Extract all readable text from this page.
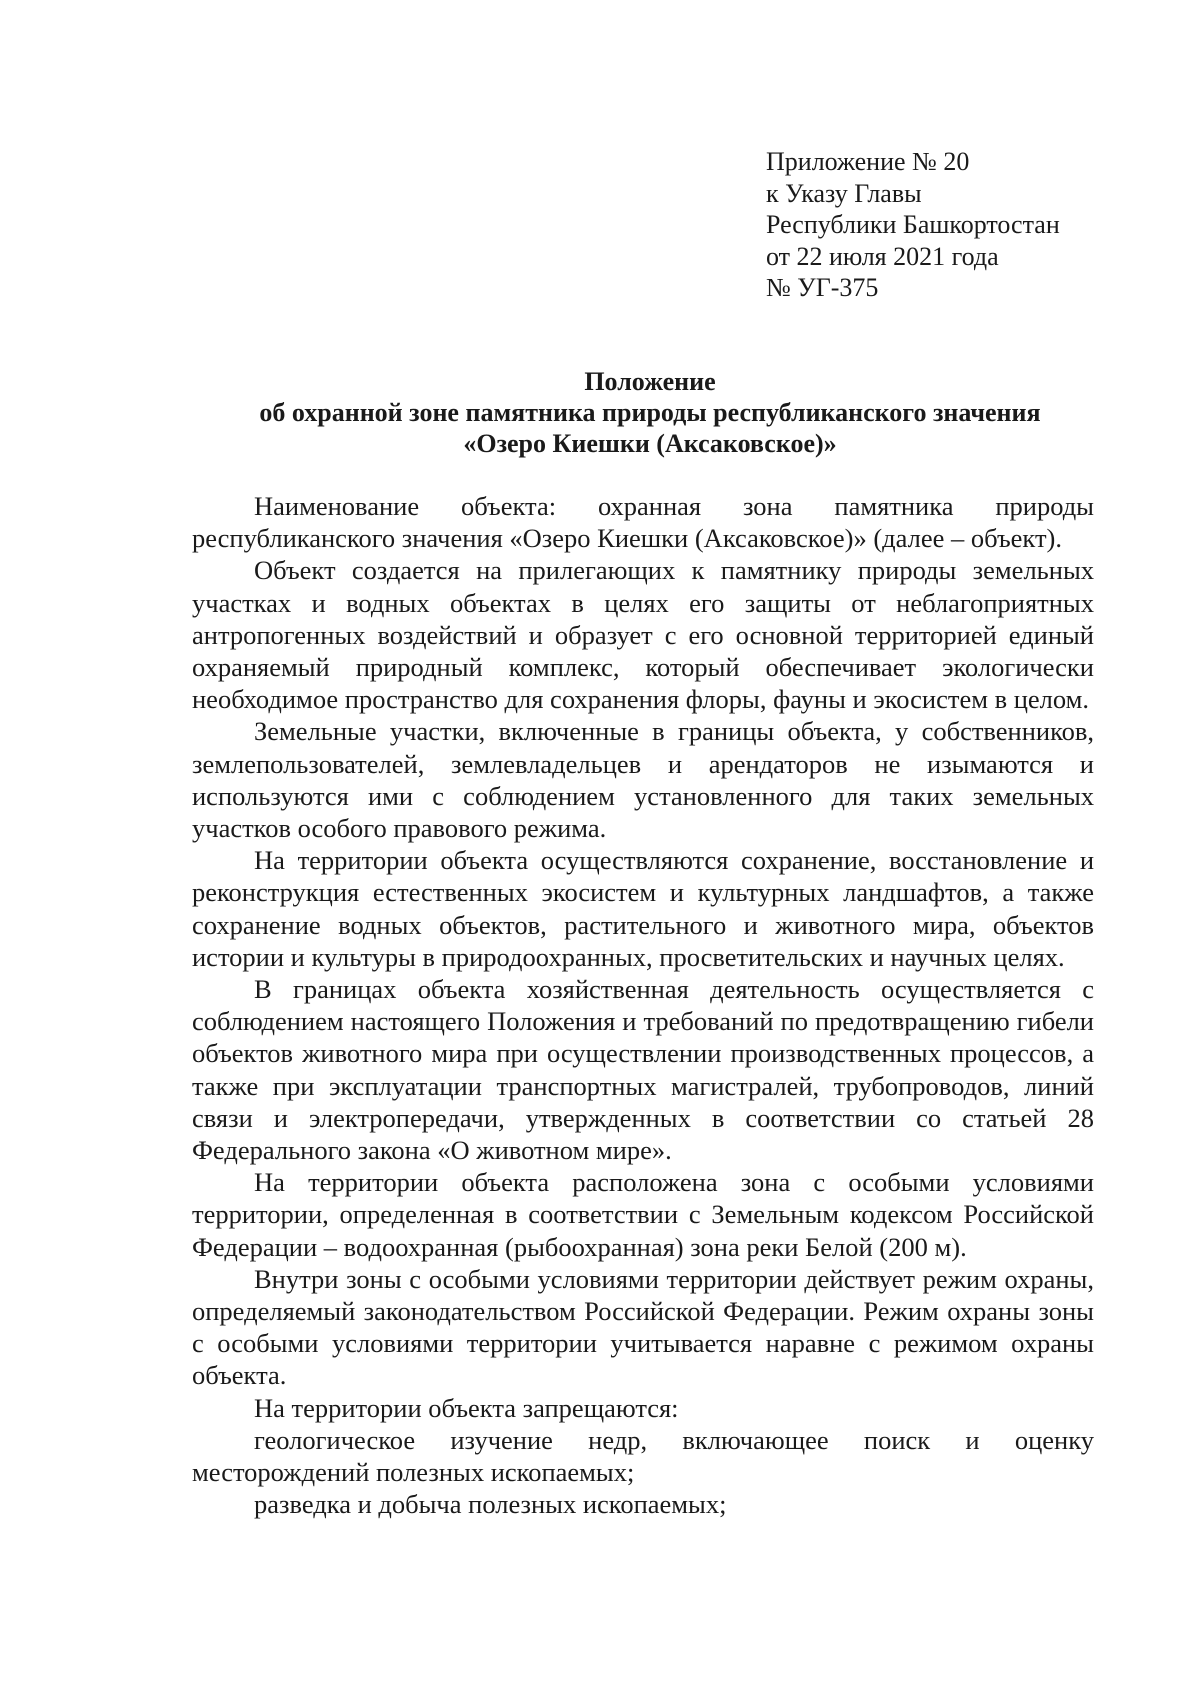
Приложение № 20
к Указу Главы
Республики Башкортостан
от 22 июля 2021 года
№ УГ-375
Положение
об охранной зоне памятника природы республиканского значения
«Озеро Киешки (Аксаковское)»

Наименование объекта: охранная зона памятника природы республиканского значения «Озеро Киешки (Аксаковское)» (далее – объект).

Объект создается на прилегающих к памятнику природы земельных участках и водных объектах в целях его защиты от неблагоприятных антропогенных воздействий и образует с его основной территорией единый охраняемый природный комплекс, который обеспечивает экологически необходимое пространство для сохранения флоры, фауны и экосистем в целом.

Земельные участки, включенные в границы объекта, у собственников, землепользователей, землевладельцев и арендаторов не изымаются и используются ими с соблюдением установленного для таких земельных участков особого правового режима.

На территории объекта осуществляются сохранение, восстановление и реконструкция естественных экосистем и культурных ландшафтов, а также сохранение водных объектов, растительного и животного мира, объектов истории и культуры в природоохранных, просветительских и научных целях.

В границах объекта хозяйственная деятельность осуществляется с соблюдением настоящего Положения и требований по предотвращению гибели объектов животного мира при осуществлении производственных процессов, а также при эксплуатации транспортных магистралей, трубопроводов, линий связи и электропередачи, утвержденных в соответствии со статьей 28 Федерального закона «О животном мире».

На территории объекта расположена зона с особыми условиями территории, определенная в соответствии с Земельным кодексом Российской Федерации – водоохранная (рыбоохранная) зона реки Белой (200 м).

Внутри зоны с особыми условиями территории действует режим охраны, определяемый законодательством Российской Федерации. Режим охраны зоны с особыми условиями территории учитывается наравне с режимом охраны объекта.

На территории объекта запрещаются:

геологическое изучение недр, включающее поиск и оценку месторождений полезных ископаемых;

разведка и добыча полезных ископаемых;
